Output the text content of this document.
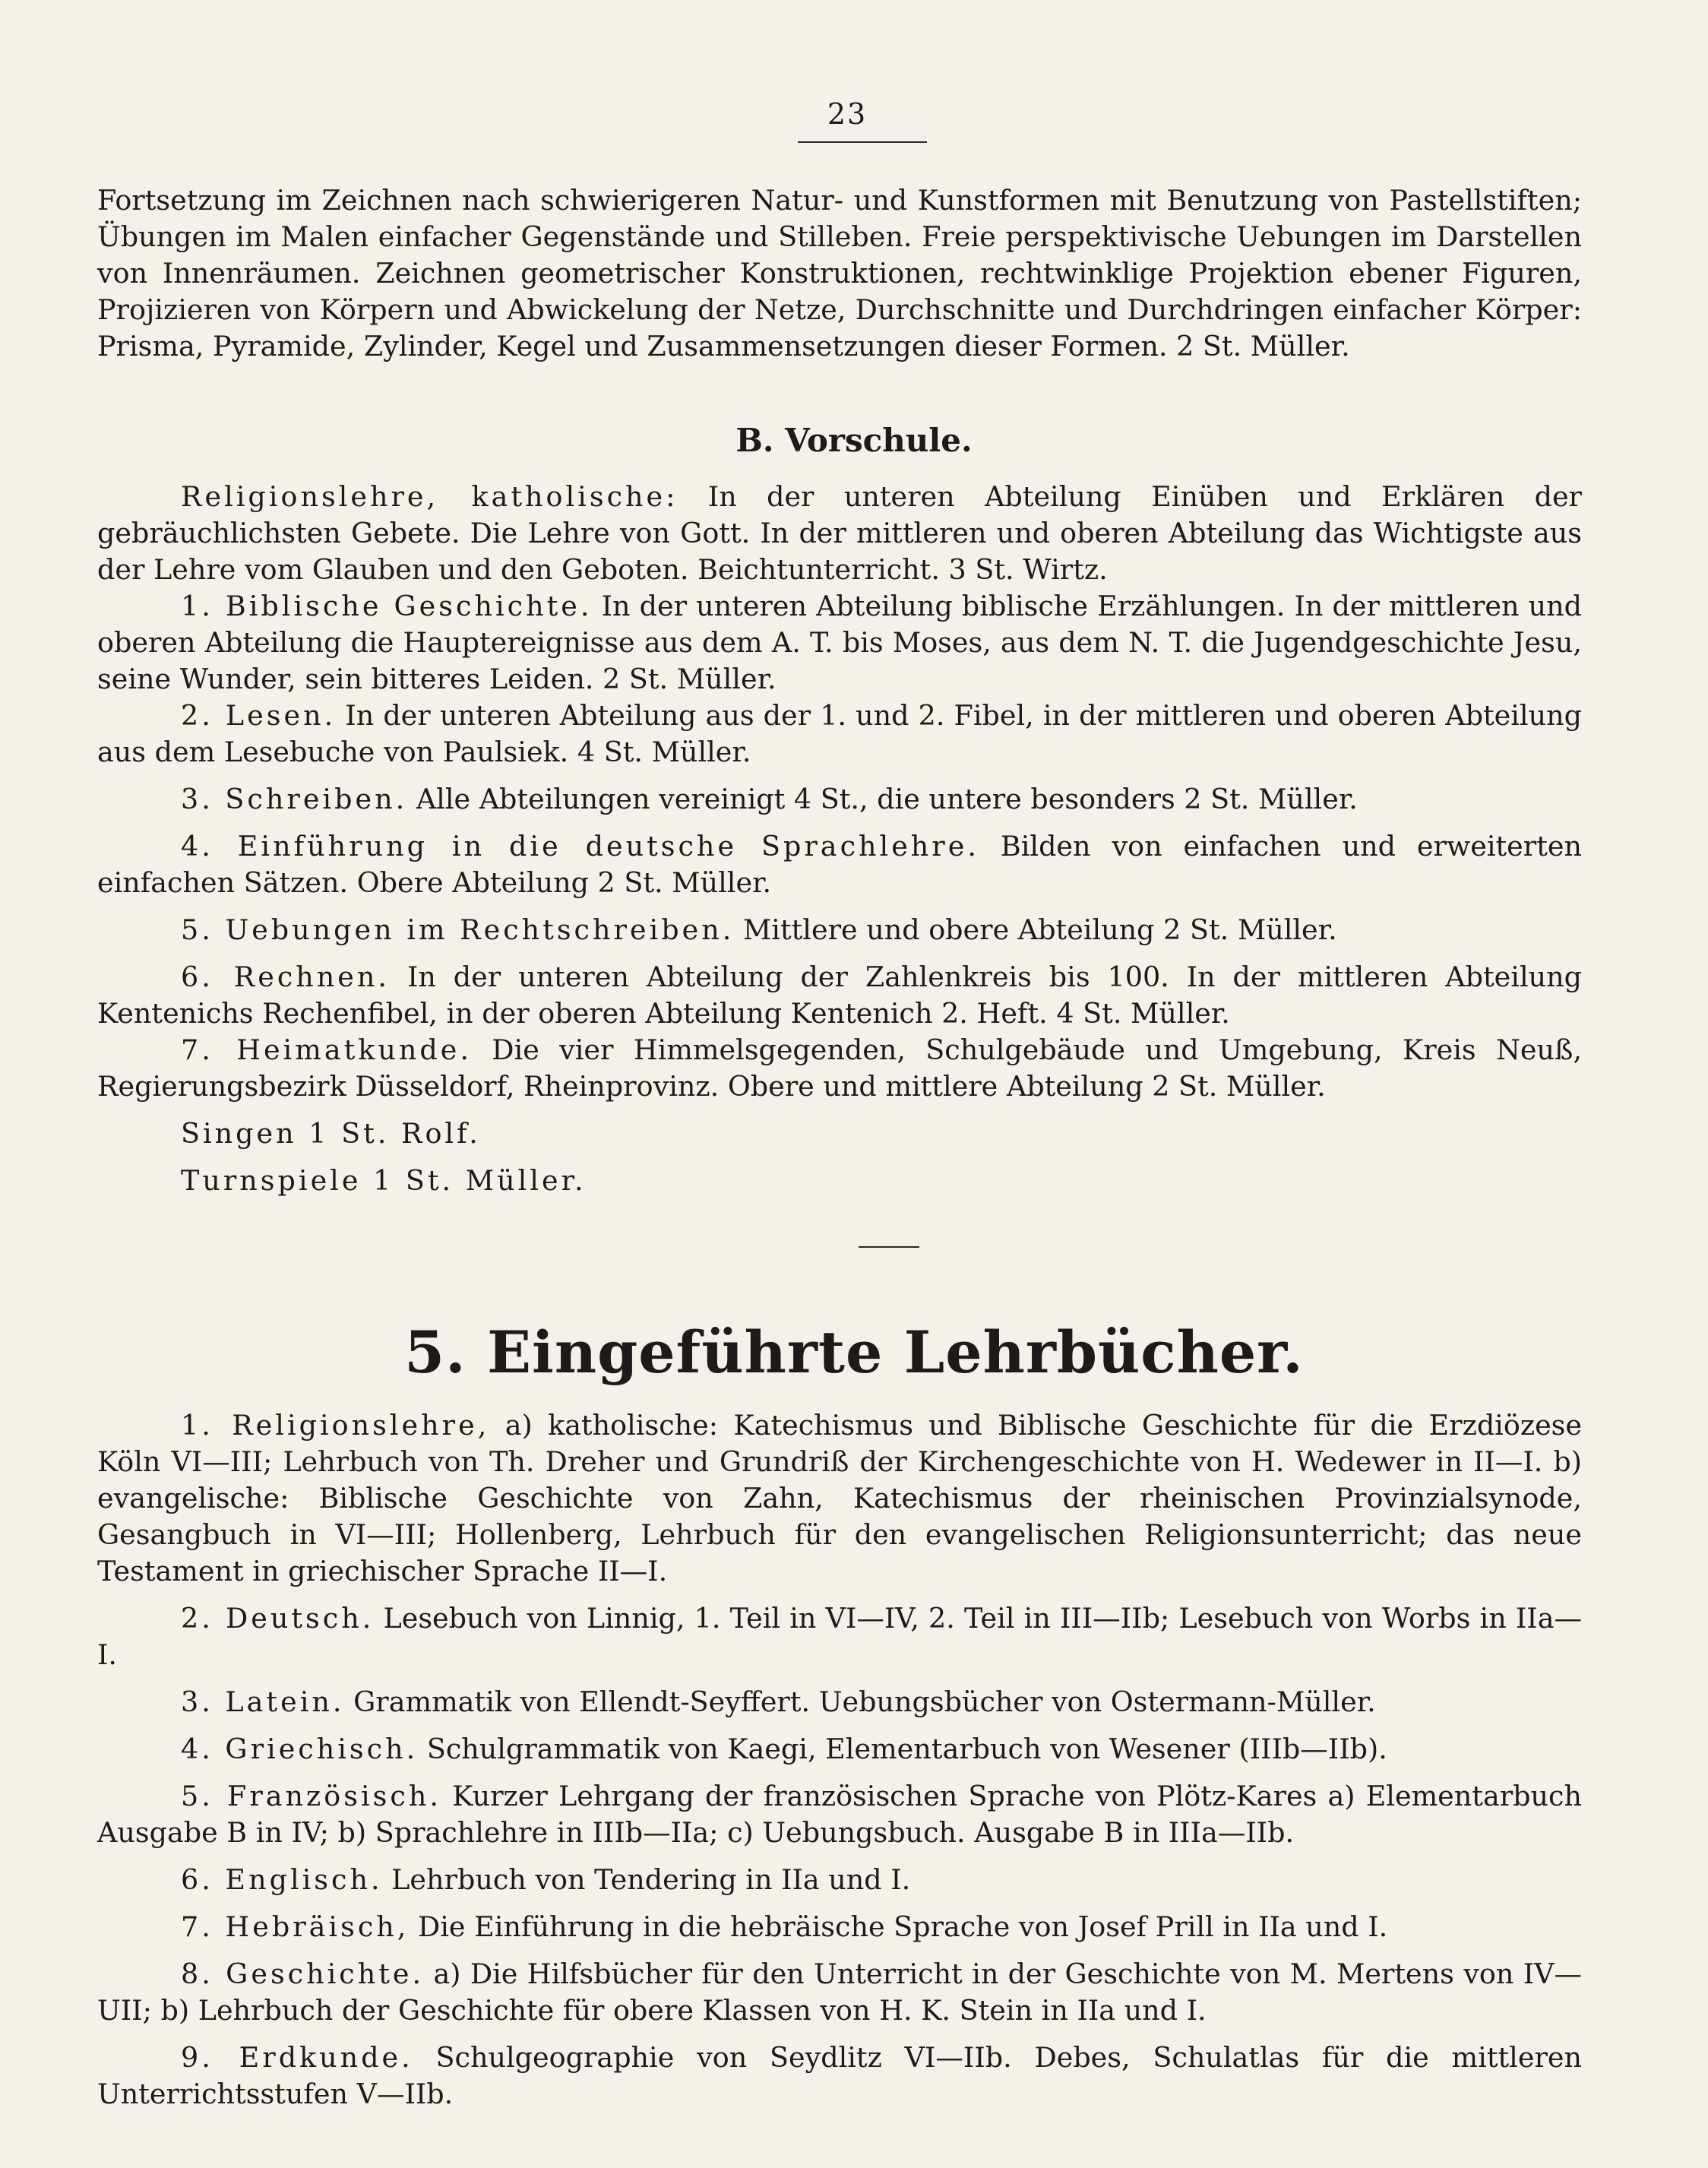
23

Fortsetzung im Zeichnen nach schwierigeren Natur- und Kunstformen mit Benutzung von Pastellstiften; Übungen im Malen einfacher Gegenstände und Stilleben. Freie perspektivische Uebungen im Darstellen von Innenräumen. Zeichnen geometrischer Konstruktionen, rechtwinklige Projektion ebener Figuren, Projizieren von Körpern und Abwickelung der Netze, Durchschnitte und Durchdringen einfacher Körper: Prisma, Pyramide, Zylinder, Kegel und Zusammensetzungen dieser Formen. 2 St. Müller.

B. Vorschule.

Religionslehre, katholische: In der unteren Abteilung Einüben und Erklären der gebräuchlichsten Gebete. Die Lehre von Gott. In der mittleren und oberen Abteilung das Wichtigste aus der Lehre vom Glauben und den Geboten. Beichtunterricht. 3 St. Wirtz.

1. Biblische Geschichte. In der unteren Abteilung biblische Erzählungen. In der mittleren und oberen Abteilung die Hauptereignisse aus dem A. T. bis Moses, aus dem N. T. die Jugendgeschichte Jesu, seine Wunder, sein bitteres Leiden. 2 St. Müller.

2. Lesen. In der unteren Abteilung aus der 1. und 2. Fibel, in der mittleren und oberen Abteilung aus dem Lesebuche von Paulsiek. 4 St. Müller.

3. Schreiben. Alle Abteilungen vereinigt 4 St., die untere besonders 2 St. Müller.

4. Einführung in die deutsche Sprachlehre. Bilden von einfachen und erweiterten einfachen Sätzen. Obere Abteilung 2 St. Müller.

5. Uebungen im Rechtschreiben. Mittlere und obere Abteilung 2 St. Müller.

6. Rechnen. In der unteren Abteilung der Zahlenkreis bis 100. In der mittleren Abteilung Kentenichs Rechenfibel, in der oberen Abteilung Kentenich 2. Heft. 4 St. Müller.

7. Heimatkunde. Die vier Himmelsgegenden, Schulgebäude und Umgebung, Kreis Neuß, Regierungsbezirk Düsseldorf, Rheinprovinz. Obere und mittlere Abteilung 2 St. Müller.

Singen 1 St. Rolf.

Turnspiele 1 St. Müller.

5. Eingeführte Lehrbücher.

1. Religionslehre, a) katholische: Katechismus und Biblische Geschichte für die Erzdiözese Köln VI—III; Lehrbuch von Th. Dreher und Grundriß der Kirchengeschichte von H. Wedewer in II—I. b) evangelische: Biblische Geschichte von Zahn, Katechismus der rheinischen Provinzialsynode, Gesangbuch in VI—III; Hollenberg, Lehrbuch für den evangelischen Religionsunterricht; das neue Testament in griechischer Sprache II—I.

2. Deutsch. Lesebuch von Linnig, 1. Teil in VI—IV, 2. Teil in III—IIb; Lesebuch von Worbs in IIa—I.

3. Latein. Grammatik von Ellendt-Seyffert. Uebungsbücher von Ostermann-Müller.

4. Griechisch. Schulgrammatik von Kaegi, Elementarbuch von Wesener (IIIb—IIb).

5. Französisch. Kurzer Lehrgang der französischen Sprache von Plötz-Kares a) Elementarbuch Ausgabe B in IV; b) Sprachlehre in IIIb—IIa; c) Uebungsbuch. Ausgabe B in IIIa—IIb.

6. Englisch. Lehrbuch von Tendering in IIa und I.

7. Hebräisch, Die Einführung in die hebräische Sprache von Josef Prill in IIa und I.

8. Geschichte. a) Die Hilfsbücher für den Unterricht in der Geschichte von M. Mertens von IV—UII; b) Lehrbuch der Geschichte für obere Klassen von H. K. Stein in IIa und I.

9. Erdkunde. Schulgeographie von Seydlitz VI—IIb. Debes, Schulatlas für die mittleren Unterrichtsstufen V—IIb.
